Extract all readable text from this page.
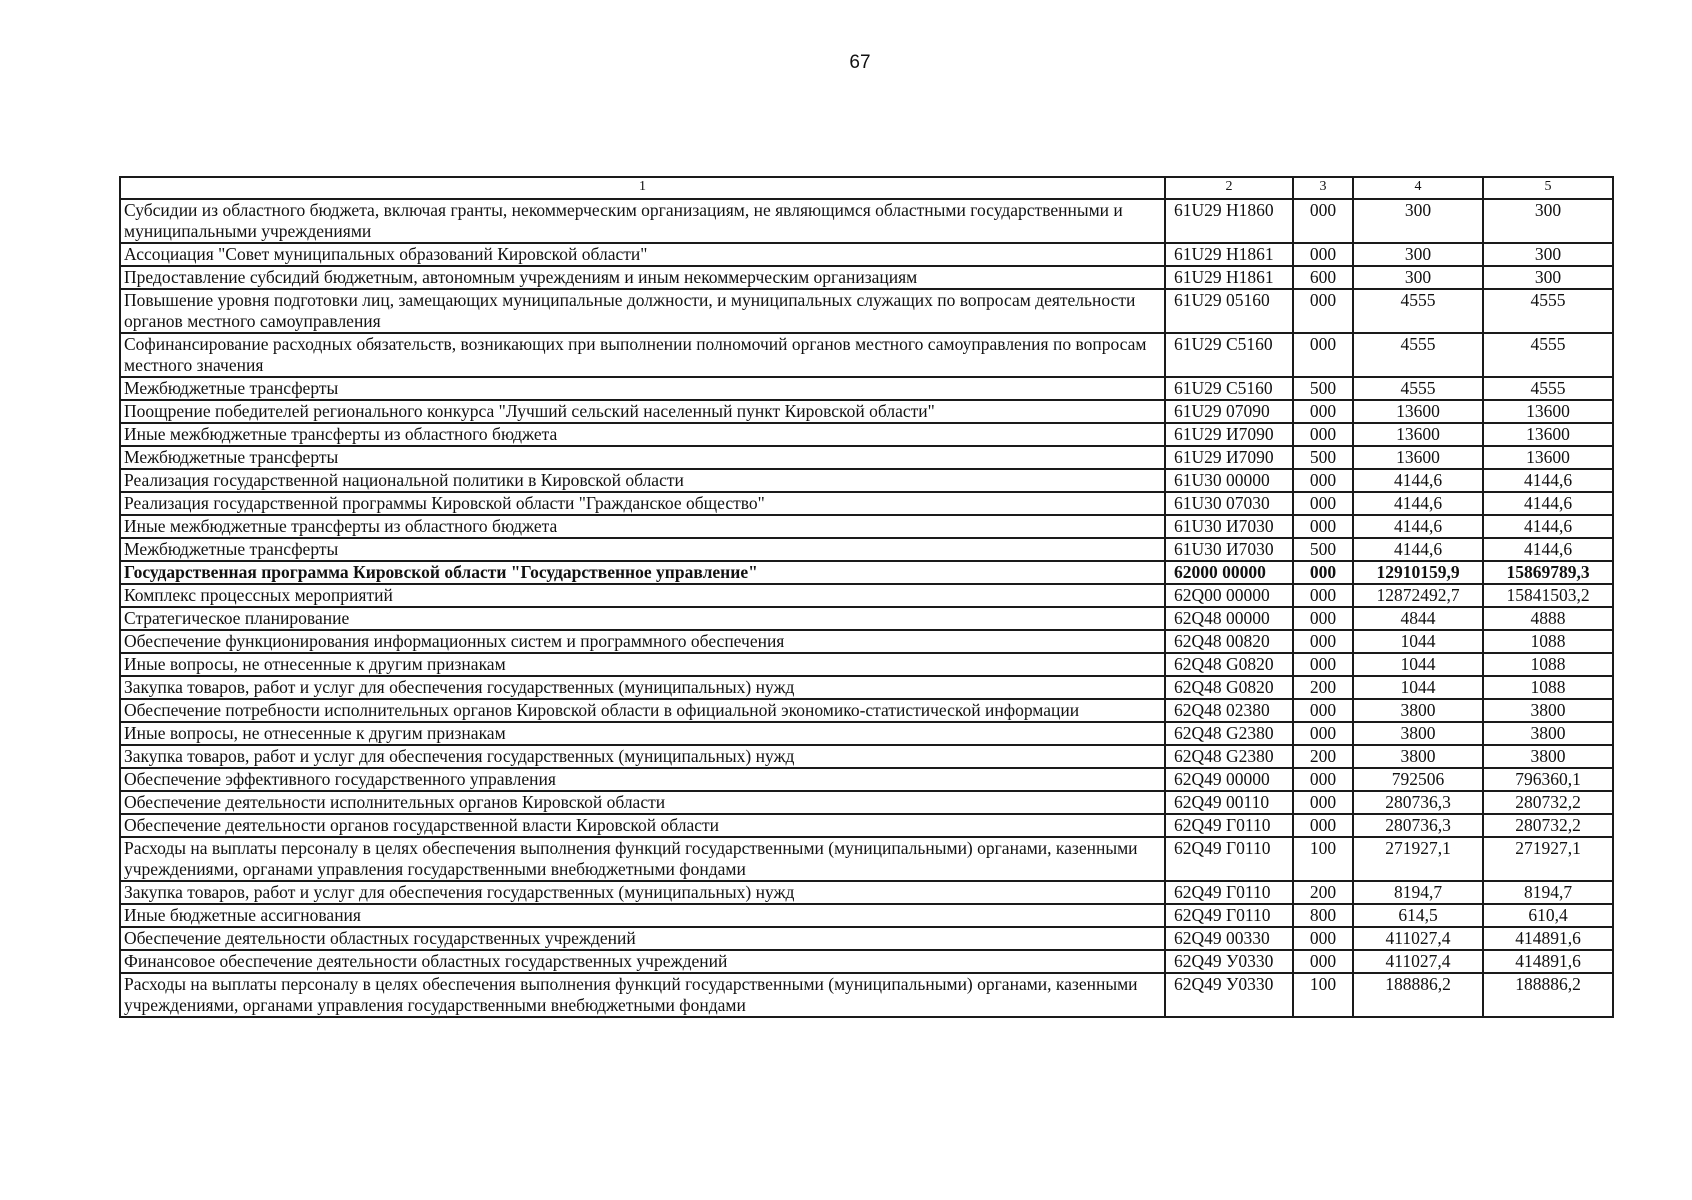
67
1	2	3	4	5
Субсидии из областного бюджета, включая гранты, некоммерческим организациям, не являющимся областными государственными и муниципальными учреждениями	61U29 H1860	000	300	300
Ассоциация "Совет муниципальных образований Кировской области"	61U29 H1861	000	300	300
Предоставление субсидий бюджетным, автономным учреждениям и иным некоммерческим организациям	61U29 H1861	600	300	300
Повышение уровня подготовки лиц, замещающих муниципальные должности, и муниципальных служащих по вопросам деятельности органов местного самоуправления	61U29 05160	000	4555	4555
Софинансирование расходных обязательств, возникающих при выполнении полномочий органов местного самоуправления по вопросам местного значения	61U29 C5160	000	4555	4555
Межбюджетные трансферты	61U29 C5160	500	4555	4555
Поощрение победителей регионального конкурса "Лучший сельский населенный пункт Кировской области"	61U29 07090	000	13600	13600
Иные межбюджетные трансферты из областного бюджета	61U29 И7090	000	13600	13600
Межбюджетные трансферты	61U29 И7090	500	13600	13600
Реализация государственной национальной политики в Кировской области	61U30 00000	000	4144,6	4144,6
Реализация государственной программы Кировской области "Гражданское общество"	61U30 07030	000	4144,6	4144,6
Иные межбюджетные трансферты из областного бюджета	61U30 И7030	000	4144,6	4144,6
Межбюджетные трансферты	61U30 И7030	500	4144,6	4144,6
Государственная программа Кировской области "Государственное управление"	62000 00000	000	12910159,9	15869789,3
Комплекс процессных мероприятий	62Q00 00000	000	12872492,7	15841503,2
Стратегическое планирование	62Q48 00000	000	4844	4888
Обеспечение функционирования информационных систем и программного обеспечения	62Q48 00820	000	1044	1088
Иные вопросы, не отнесенные к другим признакам	62Q48 G0820	000	1044	1088
Закупка товаров, работ и услуг для обеспечения государственных (муниципальных) нужд	62Q48 G0820	200	1044	1088
Обеспечение потребности исполнительных органов Кировской области в официальной экономико-статистической информации	62Q48 02380	000	3800	3800
Иные вопросы, не отнесенные к другим признакам	62Q48 G2380	000	3800	3800
Закупка товаров, работ и услуг для обеспечения государственных (муниципальных) нужд	62Q48 G2380	200	3800	3800
Обеспечение эффективного государственного управления	62Q49 00000	000	792506	796360,1
Обеспечение деятельности исполнительных органов Кировской области	62Q49 00110	000	280736,3	280732,2
Обеспечение деятельности органов государственной власти Кировской области	62Q49 Г0110	000	280736,3	280732,2
Расходы на выплаты персоналу в целях обеспечения выполнения функций государственными (муниципальными) органами, казенными учреждениями, органами управления государственными внебюджетными фондами	62Q49 Г0110	100	271927,1	271927,1
Закупка товаров, работ и услуг для обеспечения государственных (муниципальных) нужд	62Q49 Г0110	200	8194,7	8194,7
Иные бюджетные ассигнования	62Q49 Г0110	800	614,5	610,4
Обеспечение деятельности областных государственных учреждений	62Q49 00330	000	411027,4	414891,6
Финансовое обеспечение деятельности областных государственных учреждений	62Q49 У0330	000	411027,4	414891,6
Расходы на выплаты персоналу в целях обеспечения выполнения функций государственными (муниципальными) органами, казенными учреждениями, органами управления государственными внебюджетными фондами	62Q49 У0330	100	188886,2	188886,2
